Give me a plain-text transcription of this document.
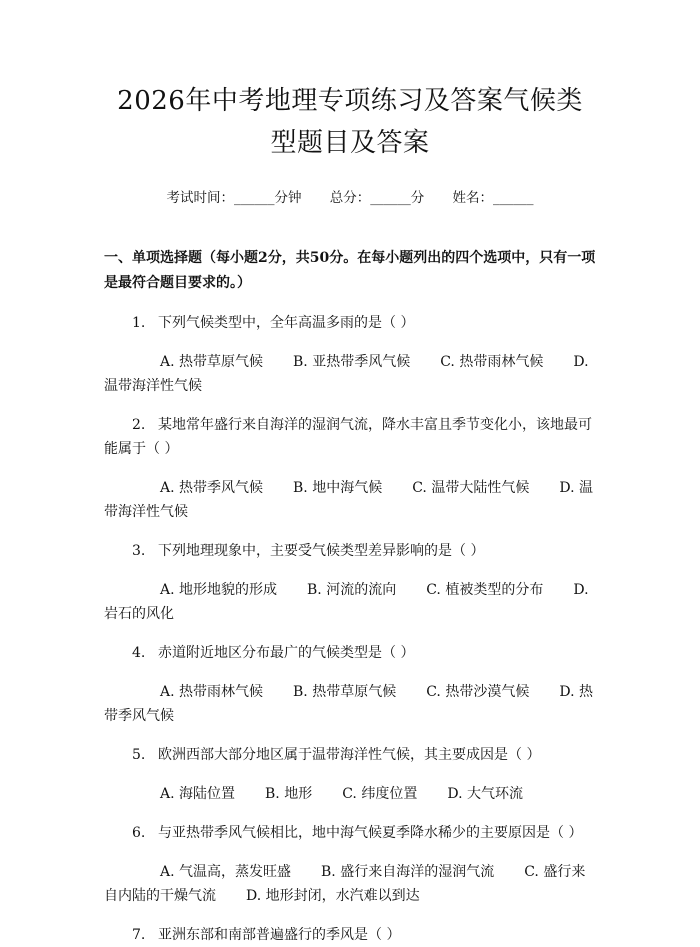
2026年中考地理专项练习及答案气候类型题目及答案
考试时间：______分钟 总分：______分 姓名：______
一、单项选择题（每小题2分，共50分。在每小题列出的四个选项中，只有一项是最符合题目要求的。）
1. 下列气候类型中，全年高温多雨的是（ ）
A. 热带草原气候 B. 亚热带季风气候 C. 热带雨林气候 D. 温带海洋性气候
2. 某地常年盛行来自海洋的湿润气流，降水丰富且季节变化小，该地最可能属于（ ）
A. 热带季风气候 B. 地中海气候 C. 温带大陆性气候 D. 温带海洋性气候
3. 下列地理现象中，主要受气候类型差异影响的是（ ）
A. 地形地貌的形成 B. 河流的流向 C. 植被类型的分布 D. 岩石的风化
4. 赤道附近地区分布最广的气候类型是（ ）
A. 热带雨林气候 B. 热带草原气候 C. 热带沙漠气候 D. 热带季风气候
5. 欧洲西部大部分地区属于温带海洋性气候，其主要成因是（ ）
A. 海陆位置 B. 地形 C. 纬度位置 D. 大气环流
6. 与亚热带季风气候相比，地中海气候夏季降水稀少的主要原因是（ ）
A. 气温高，蒸发旺盛 B. 盛行来自海洋的湿润气流 C. 盛行来自内陆的干燥气流 D. 地形封闭，水汽难以到达
7. 亚洲东部和南部普遍盛行的季风是（ ）
